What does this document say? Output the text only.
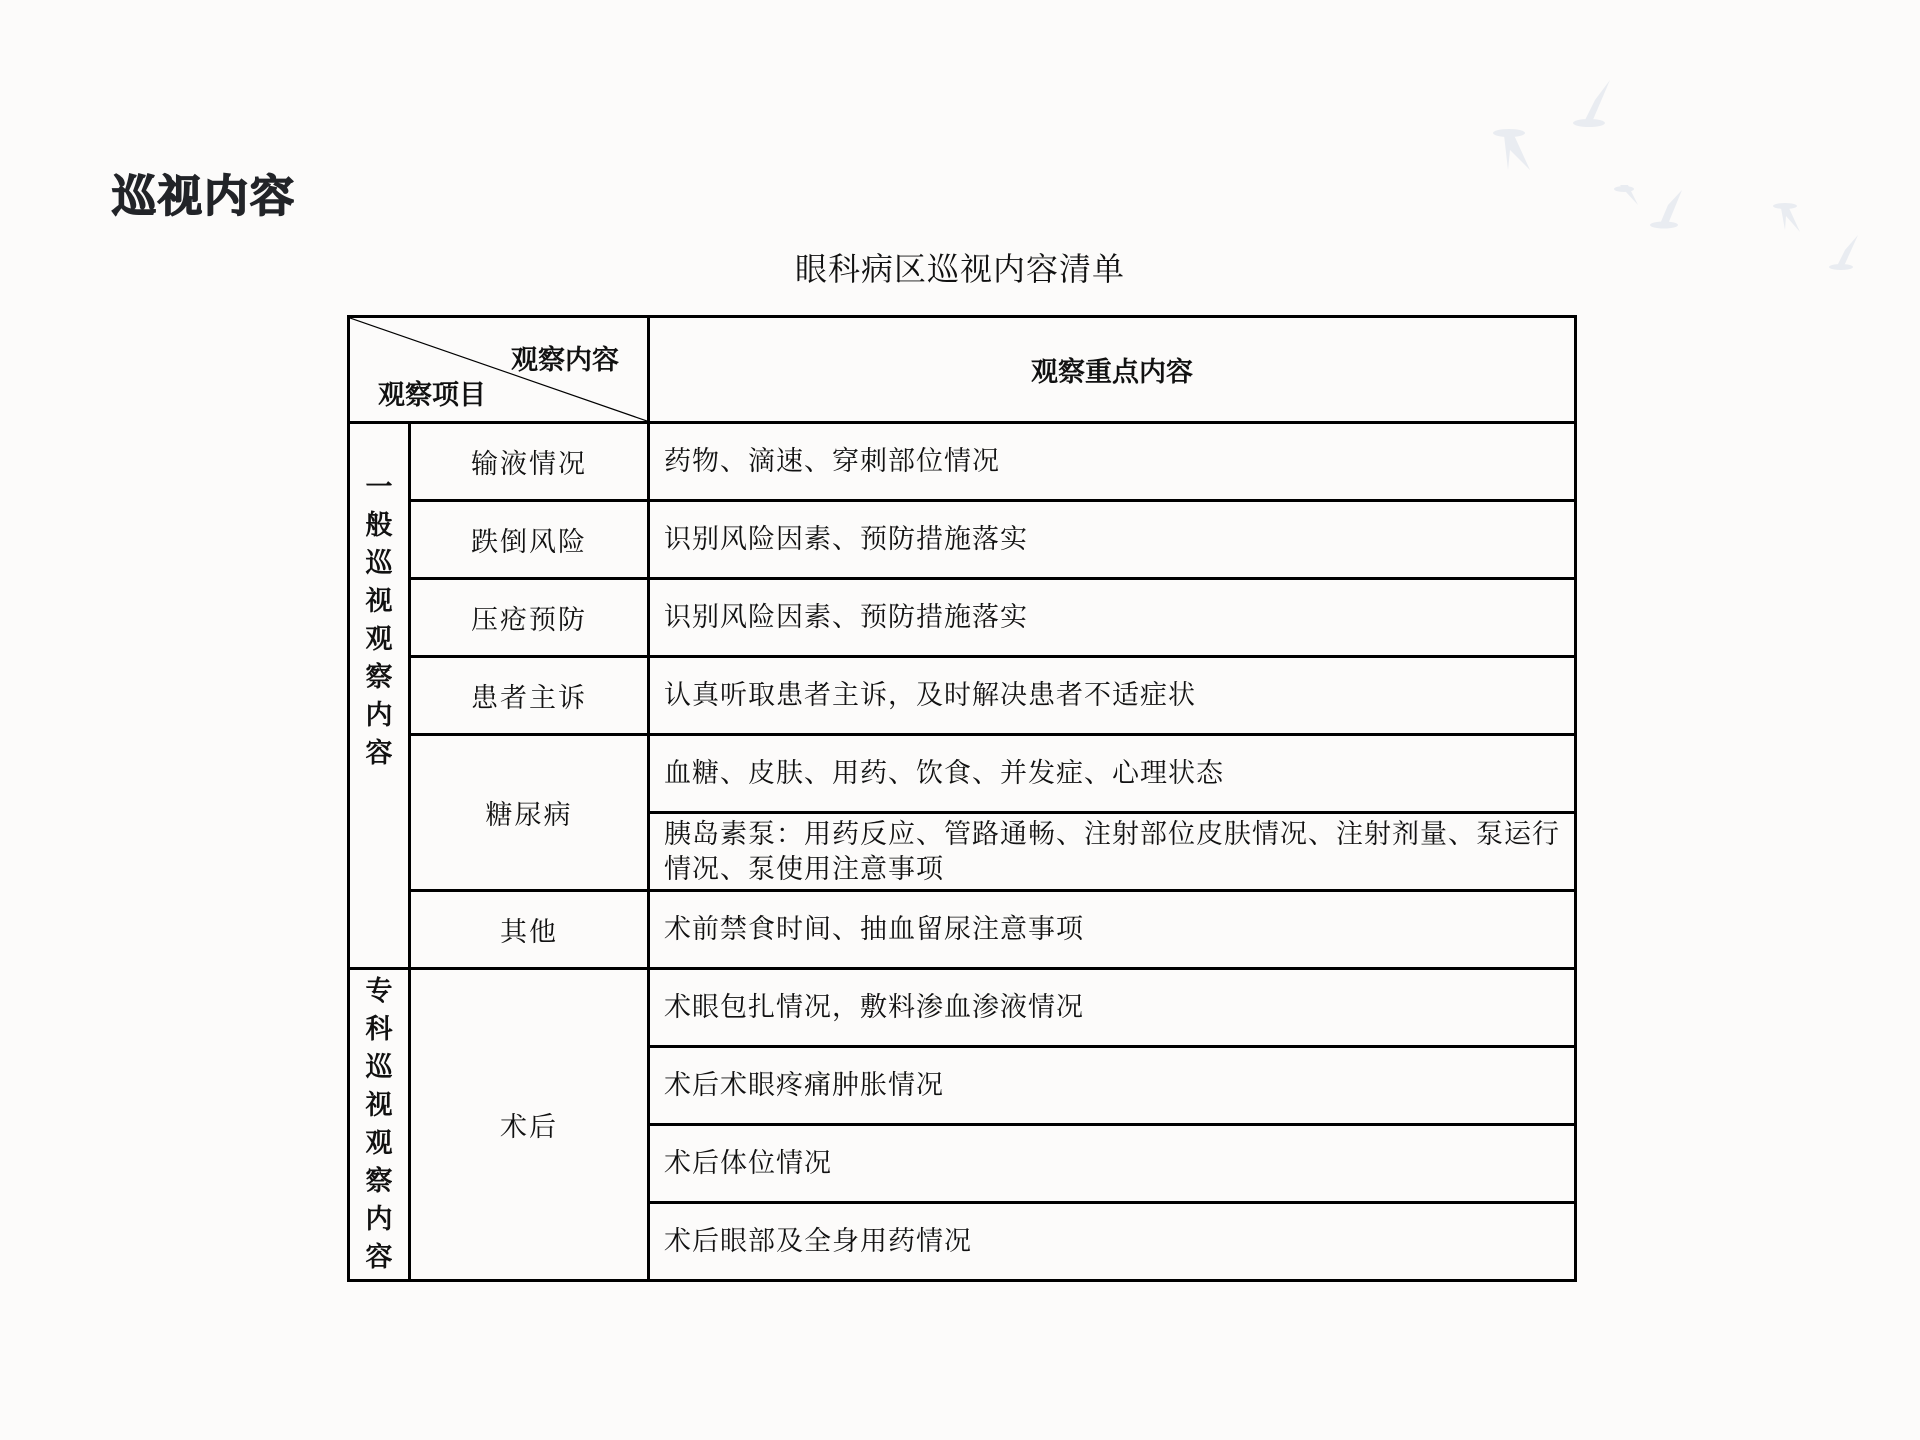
巡视内容
眼科病区巡视内容清单
观察内容
观察项目		观察重点内容

一
般
巡
视
观
察
内
容
	输液情况	药物、滴速、穿刺部位情况
	跌倒风险	识别风险因素、预防措施落实
	压疮预防	识别风险因素、预防措施落实
	患者主诉	认真听取患者主诉，及时解决患者不适症状
	糖尿病	血糖、皮肤、用药、饮食、并发症、心理状态
		胰岛素泵：用药反应、管路通畅、注射部位皮肤情况、注射剂量、泵运行情况、泵使用注意事项
	其他	术前禁食时间、抽血留尿注意事项

专
科
巡
视
观
察
内
容
	术后	术眼包扎情况，敷料渗血渗液情况
		术后术眼疼痛肿胀情况
		术后体位情况
		术后眼部及全身用药情况
